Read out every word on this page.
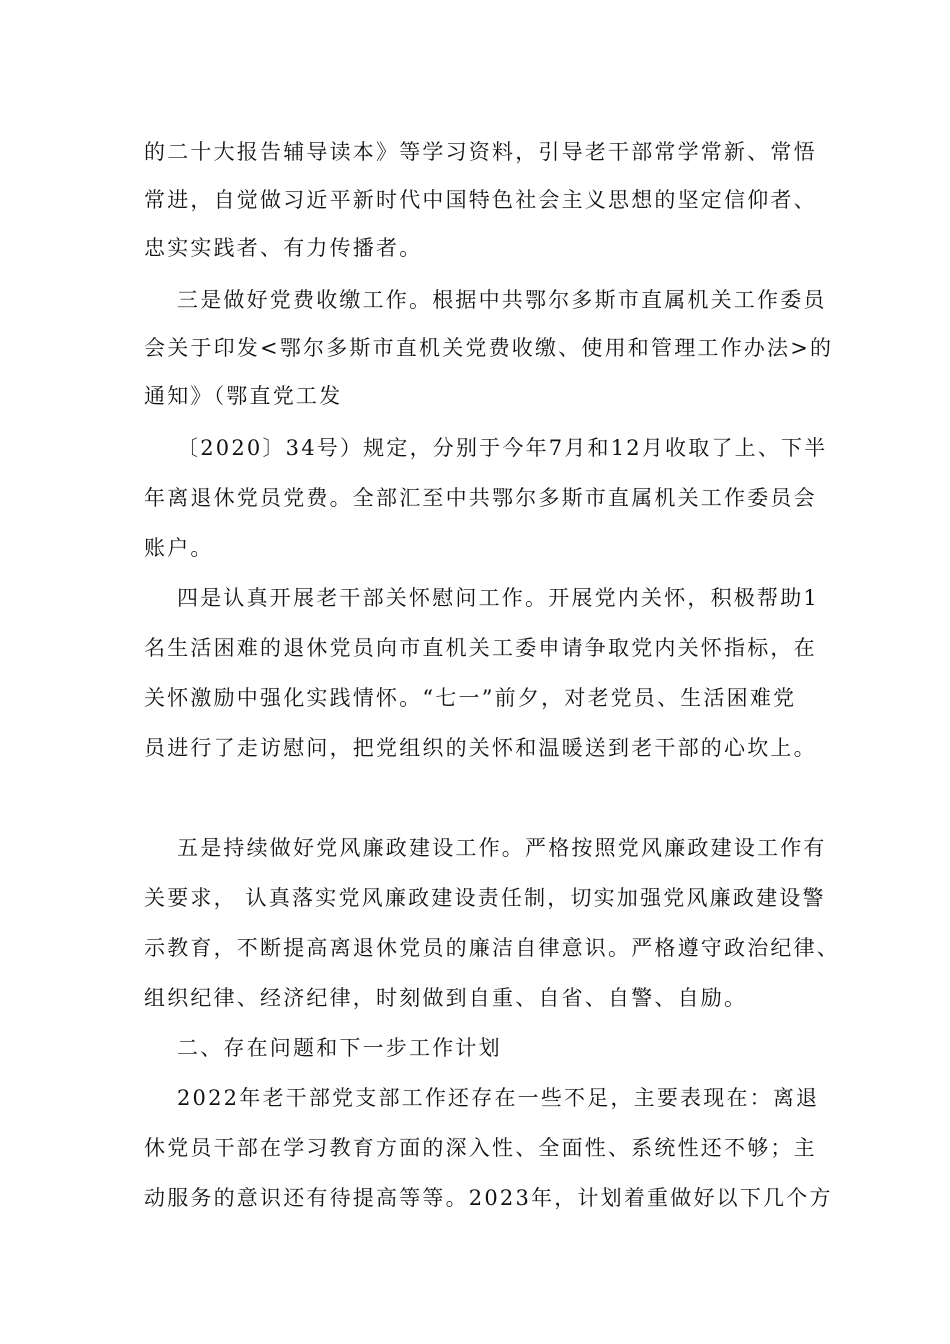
的二十大报告辅导读本》等学习资料，引导老干部常学常新、常悟
常进，自觉做习近平新时代中国特色社会主义思想的坚定信仰者、
忠实实践者、有力传播者。
三是做好党费收缴工作。根据中共鄂尔多斯市直属机关工作委员
会关于印发<鄂尔多斯市直机关党费收缴、使用和管理工作办法>的
通知》（鄂直党工发
〔2020〕34号）规定，分别于今年7月和12月收取了上、下半
年离退休党员党费。全部汇至中共鄂尔多斯市直属机关工作委员会
账户。
四是认真开展老干部关怀慰问工作。开展党内关怀，积极帮助1
名生活困难的退休党员向市直机关工委申请争取党内关怀指标，在
关怀激励中强化实践情怀。“七一”前夕，对老党员、生活困难党
员进行了走访慰问，把党组织的关怀和温暖送到老干部的心坎上。
五是持续做好党风廉政建设工作。严格按照党风廉政建设工作有
关要求， 认真落实党风廉政建设责任制，切实加强党风廉政建设警
示教育，不断提高离退休党员的廉洁自律意识。严格遵守政治纪律、
组织纪律、经济纪律，时刻做到自重、自省、自警、自励。
二、存在问题和下一步工作计划
2022年老干部党支部工作还存在一些不足，主要表现在：离退
休党员干部在学习教育方面的深入性、全面性、系统性还不够；主
动服务的意识还有待提高等等。2023年，计划着重做好以下几个方
